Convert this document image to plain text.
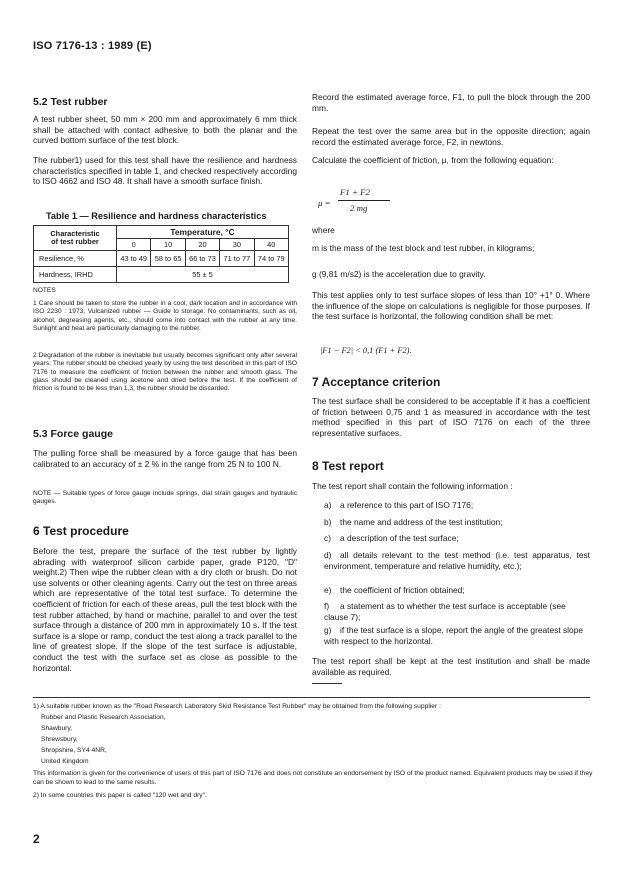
ISO 7176-13 : 1989 (E)
5.2 Test rubber
A test rubber sheet, 50 mm × 200 mm and approximately 6 mm thick shall be attached with contact adhesive to both the planar and the curved bottom surface of the test block.
The rubber1) used for this test shall have the resilience and hardness characteristics specified in table 1, and checked respectively according to ISO 4662 and ISO 48. It shall have a smooth surface finish.
Table 1 — Resilience and hardness characteristics
Characteristic
of test rubber	Temperature, °C				
	0	10	20	30	40
Resilience, %	43 to 49	58 to 65	66 to 73	71 to 77	74 to 79
Hardness, IRHD	55 ± 5				
NOTES
1 Care should be taken to store the rubber in a cool, dark location and in accordance with ISO 2230 : 1973, Vulcanized rubber — Guide to storage. No contaminants, such as oil, alcohol, degreasing agents, etc., should come into contact with the rubber at any time. Sunlight and heat are particularly damaging to the rubber.
2 Degradation of the rubber is inevitable but usually becomes significant only after several years. The rubber should be checked yearly by using the test described in this part of ISO 7176 to measure the coefficient of friction between the rubber and smooth glass. The glass should be cleaned using acetone and dried before the test. If the coefficient of friction is found to be less than 1,3, the rubber should be discarded.
5.3 Force gauge
The pulling force shall be measured by a force gauge that has been calibrated to an accuracy of ± 2 % in the range from 25 N to 100 N.
NOTE — Suitable types of force gauge include springs, dial strain gauges and hydraulic gauges.
6 Test procedure
Before the test, prepare the surface of the test rubber by lightly abrading with waterproof silicon carbide paper, grade P120, "D" weight.2) Then wipe the rubber clean with a dry cloth or brush. Do not use solvents or other cleaning agents. Carry out the test on three areas which are representative of the total test surface. To determine the coefficient of friction for each of these areas, pull the test block with the test rubber attached, by hand or machine, parallel to and over the test surface through a distance of 200 mm in approximately 10 s. If the test surface is a slope or ramp, conduct the test along a track parallel to the line of greatest slope. If the slope of the test surface is adjustable, conduct the test with the surface set as close as possible to the horizontal.
Record the estimated average force, F1, to pull the block through the 200 mm.
Repeat the test over the same area but in the opposite direction; again record the estimated average force, F2, in newtons.
Calculate the coefficient of friction, μ, from the following equation:
μ =
F1 + F2
2 mg
where
m is the mass of the test block and test rubber, in kilograms;
g (9,81 m/s2) is the acceleration due to gravity.
This test applies only to test surface slopes of less than 10° +1° 0. Where the influence of the slope on calculations is negligible for those purposes. If the test surface is horizontal, the following condition shall be met:
|F1 − F2| < 0,1 (F1 + F2).
7 Acceptance criterion
The test surface shall be considered to be acceptable if it has a coefficient of friction between 0,75 and 1 as measured in accordance with the test method specified in this part of ISO 7176 on each of the three representative surfaces.
8 Test report
The test report shall contain the following information :
a) a reference to this part of ISO 7176;
b) the name and address of the test institution;
c) a description of the test surface;
d) all details relevant to the test method (i.e. test apparatus, test environment, temperature and relative humidity, etc.);
e) the coefficient of friction obtained;
f) a statement as to whether the test surface is acceptable (see clause 7);
g) if the test surface is a slope, report the angle of the greatest slope with respect to the horizontal.
The test report shall be kept at the test institution and shall be made available as required.
1) A suitable rubber known as the "Road Research Laboratory Skid Resistance Test Rubber" may be obtained from the following supplier :
Rubber and Plastic Research Association,
Shawbury,
Shrewsbury,
Shropshire, SY4 4NR,
United Kingdom
This information is given for the convenience of users of this part of ISO 7176 and does not constitute an endorsement by ISO of the product named. Equivalent products may be used if they can be shown to lead to the same results.
2) In some countries this paper is called "120 wet and dry".
2
